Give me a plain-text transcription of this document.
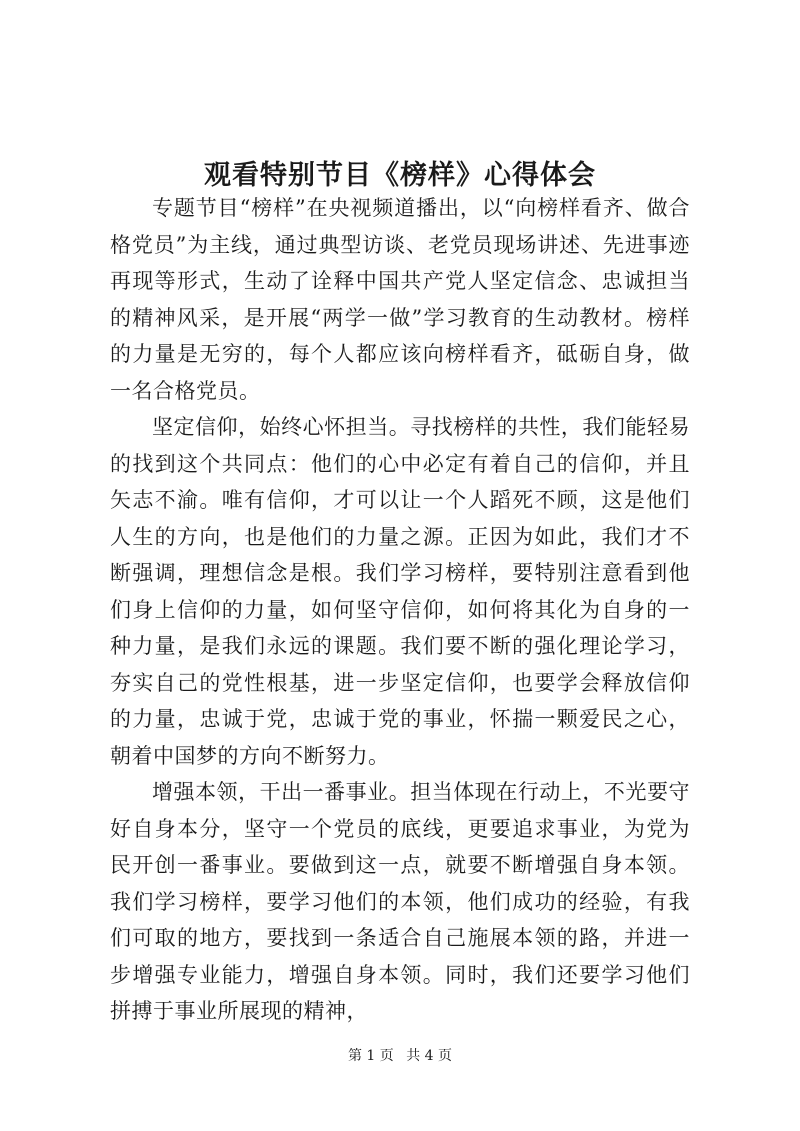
观看特别节目《榜样》心得体会

专题节目“榜样”在央视频道播出，以“向榜样看齐、做合格党员”为主线，通过典型访谈、老党员现场讲述、先进事迹再现等形式，生动了诠释中国共产党人坚定信念、忠诚担当的精神风采，是开展“两学一做”学习教育的生动教材。榜样的力量是无穷的，每个人都应该向榜样看齐，砥砺自身，做一名合格党员。

坚定信仰，始终心怀担当。寻找榜样的共性，我们能轻易的找到这个共同点：他们的心中必定有着自己的信仰，并且矢志不渝。唯有信仰，才可以让一个人蹈死不顾，这是他们人生的方向，也是他们的力量之源。正因为如此，我们才不断强调，理想信念是根。我们学习榜样，要特别注意看到他们身上信仰的力量，如何坚守信仰，如何将其化为自身的一种力量，是我们永远的课题。我们要不断的强化理论学习，夯实自己的党性根基，进一步坚定信仰，也要学会释放信仰的力量，忠诚于党，忠诚于党的事业，怀揣一颗爱民之心，朝着中国梦的方向不断努力。

增强本领，干出一番事业。担当体现在行动上，不光要守好自身本分，坚守一个党员的底线，更要追求事业，为党为民开创一番事业。要做到这一点，就要不断增强自身本领。我们学习榜样，要学习他们的本领，他们成功的经验，有我们可取的地方，要找到一条适合自己施展本领的路，并进一步增强专业能力，增强自身本领。同时，我们还要学习他们拼搏于事业所展现的精神，

第 1 页 共 4 页
